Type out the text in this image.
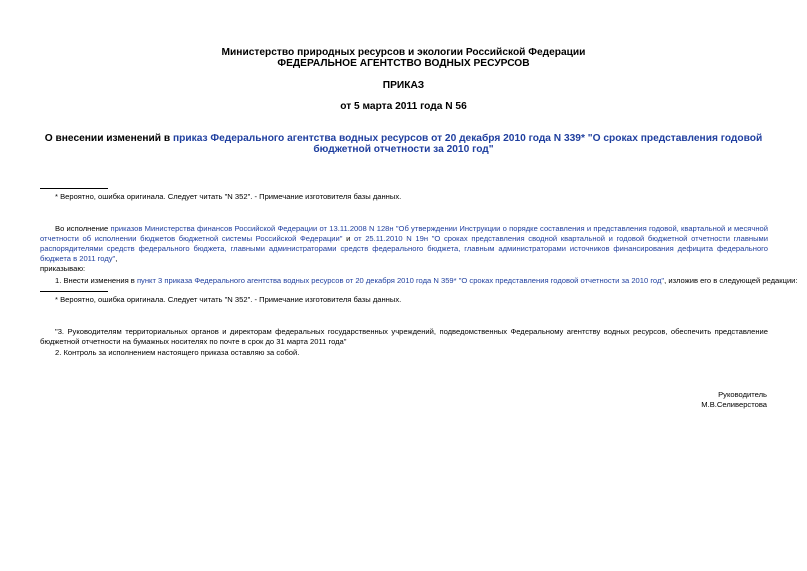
Министерство природных ресурсов и экологии Российской Федерации
ФЕДЕРАЛЬНОЕ АГЕНТСТВО ВОДНЫХ РЕСУРСОВ
ПРИКАЗ
от 5 марта 2011 года N 56
О внесении изменений в приказ Федерального агентства водных ресурсов от 20 декабря 2010 года N 339* "О сроках представления годовой бюджетной отчетности за 2010 год"
* Вероятно, ошибка оригинала. Следует читать "N 352". - Примечание изготовителя базы данных.
Во исполнение приказов Министерства финансов Российской Федерации от 13.11.2008 N 128н "Об утверждении Инструкции о порядке составления и представления годовой, квартальной и месячной отчетности об исполнении бюджетов бюджетной системы Российской Федерации" и от 25.11.2010 N 19н "О сроках представления сводной квартальной и годовой бюджетной отчетности главными распорядителями средств федерального бюджета, главными администраторами средств федерального бюджета, главным администраторами источников финансирования дефицита федерального бюджета в 2011 году",
приказываю:
1. Внести изменения в пункт 3 приказа Федерального агентства водных ресурсов от 20 декабря 2010 года N 359* "О сроках представления годовой отчетности за 2010 год", изложив его в следующей редакции:
* Вероятно, ошибка оригинала. Следует читать "N 352". - Примечание изготовителя базы данных.
"3. Руководителям территориальных органов и директорам федеральных государственных учреждений, подведомственных Федеральному агентству водных ресурсов, обеспечить представление бюджетной отчетности на бумажных носителях по почте в срок до 31 марта 2011 года"
2. Контроль за исполнением настоящего приказа оставляю за собой.
Руководитель
М.В.Селиверстова
